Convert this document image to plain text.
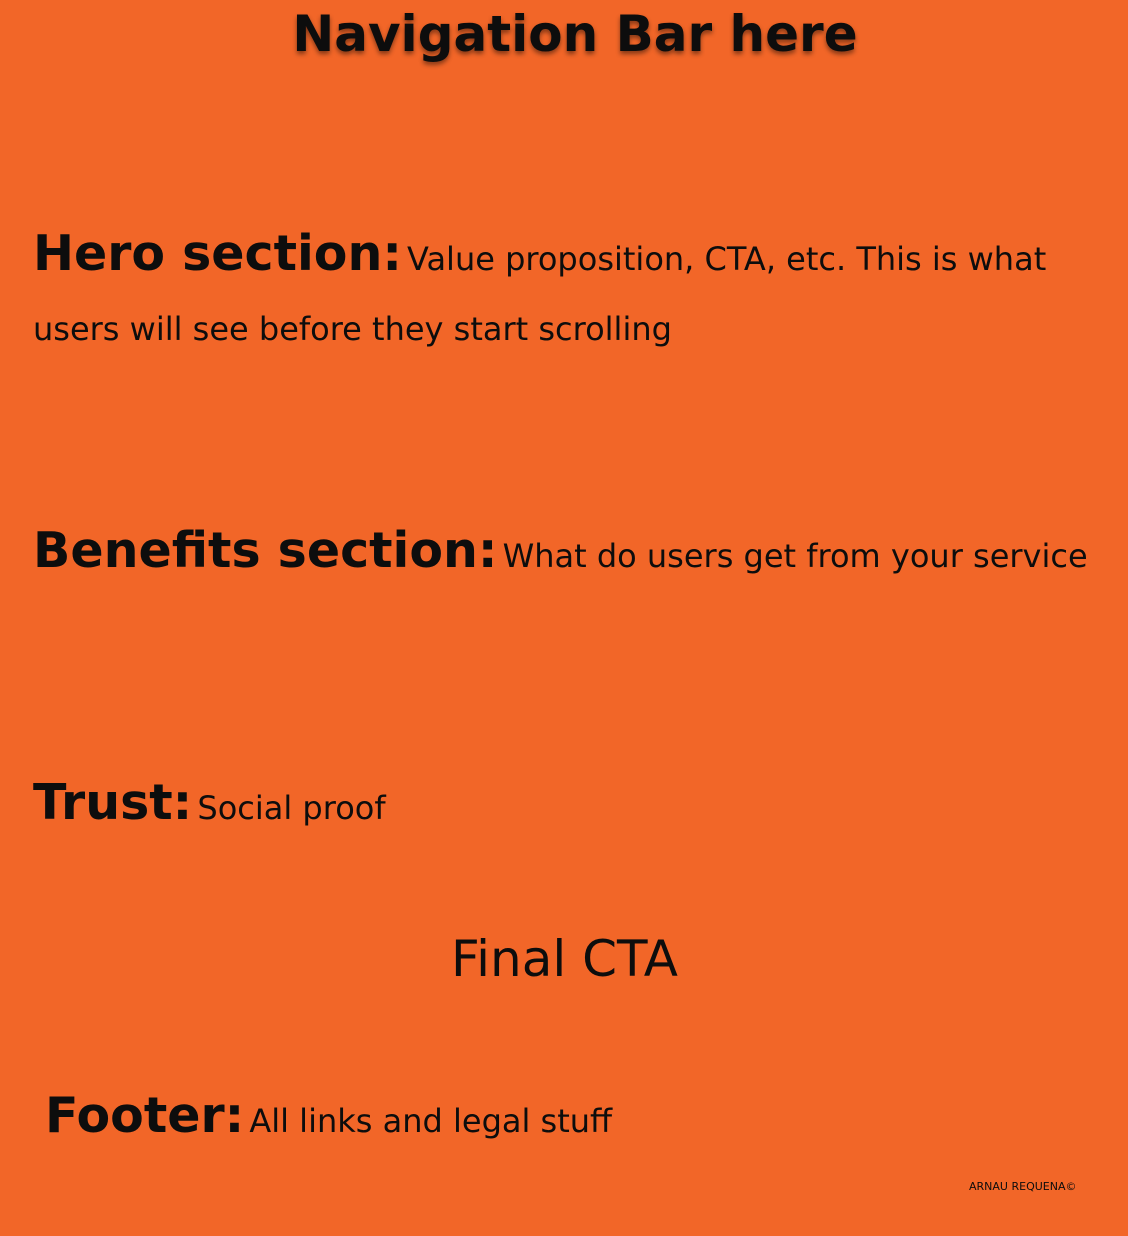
Navigation Bar here

Hero section: Value proposition, CTA, etc. This is what users will see before they start scrolling

Benefits section: What do users get from your service

Trust: Social proof

Final CTA

Footer: All links and legal stuff

ARNAU REQUENA©
